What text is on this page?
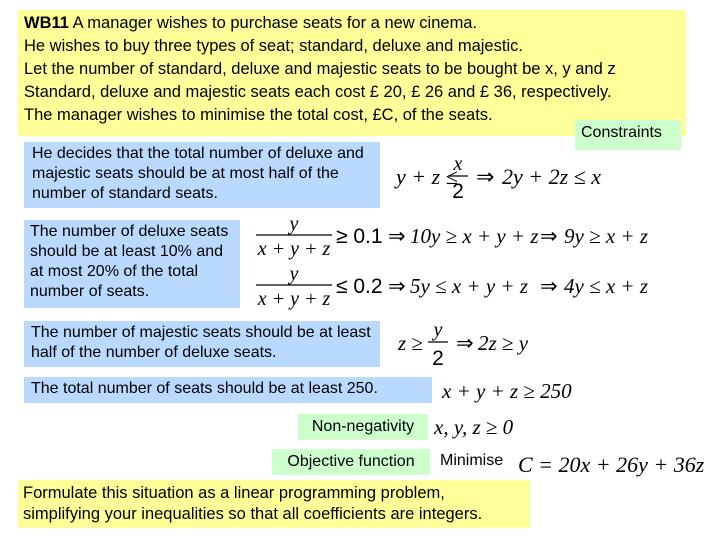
WB11 A manager wishes to purchase seats for a new cinema.
He wishes to buy three types of seat; standard, deluxe and majestic.
Let the number of standard, deluxe and majestic seats to be bought be x, y and z
Standard, deluxe and majestic seats each cost £ 20, £ 26 and £ 36, respectively.
The manager wishes to minimise the total cost, £C, of the seats.
Constraints
He decides that the total number of deluxe and majestic seats should be at most half of the number of standard seats.
y + z ≤
x
2
⇒ 2y + 2z ≤ x
The number of deluxe seats should be at least 10% and at most 20% of the total number of seats.
y
x + y + z
≥ 0.1 ⇒ 10y ≥ x + y + z ⇒ 9y ≥ x + z
y
x + y + z
≤ 0.2 ⇒ 5y ≤ x + y + z ⇒ 4y ≤ x + z
The number of majestic seats should be at least half of the number of deluxe seats.	z ≥
y
2
⇒ 2z ≥ y
The total number of seats should be at least 250.	x + y + z ≥ 250
Non-negativity x, y, z ≥ 0
Objective function	Minimise C = 20x + 26y + 36z
Formulate this situation as a linear programming problem, simplifying your inequalities so that all coefficients are integers.
